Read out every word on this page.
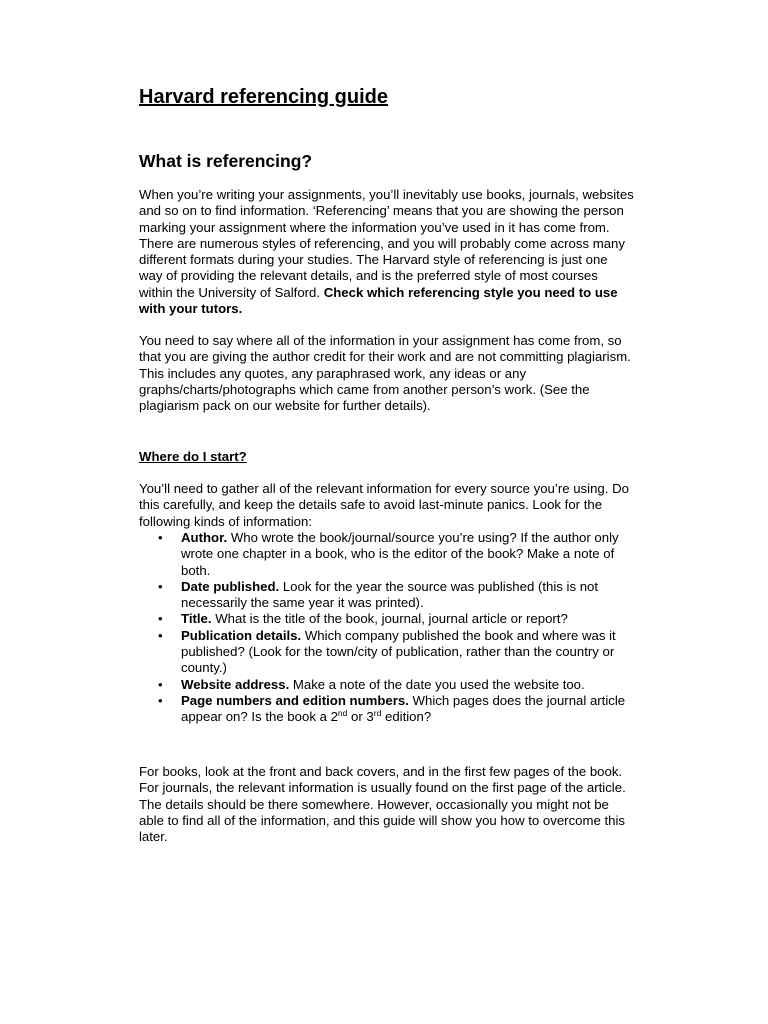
Harvard referencing guide
What is referencing?

When you’re writing your assignments, you’ll inevitably use books, journals, websites and so on to find information. ‘Referencing’ means that you are showing the person marking your assignment where the information you’ve used in it has come from. There are numerous styles of referencing, and you will probably come across many different formats during your studies. The Harvard style of referencing is just one way of providing the relevant details, and is the preferred style of most courses within the University of Salford. Check which referencing style you need to use with your tutors.

You need to say where all of the information in your assignment has come from, so that you are giving the author credit for their work and are not committing plagiarism. This includes any quotes, any paraphrased work, any ideas or any graphs/charts/photographs which came from another person’s work. (See the plagiarism pack on our website for further details).

Where do I start?

You’ll need to gather all of the relevant information for every source you’re using. Do this carefully, and keep the details safe to avoid last-minute panics. Look for the following kinds of information:

• Author. Who wrote the book/journal/source you’re using? If the author only wrote one chapter in a book, who is the editor of the book? Make a note of both.
• Date published. Look for the year the source was published (this is not necessarily the same year it was printed).
• Title. What is the title of the book, journal, journal article or report?
• Publication details. Which company published the book and where was it published? (Look for the town/city of publication, rather than the country or county.)
• Website address. Make a note of the date you used the website too.
• Page numbers and edition numbers. Which pages does the journal article appear on? Is the book a 2nd or 3rd edition?

For books, look at the front and back covers, and in the first few pages of the book. For journals, the relevant information is usually found on the first page of the article. The details should be there somewhere. However, occasionally you might not be able to find all of the information, and this guide will show you how to overcome this later.
